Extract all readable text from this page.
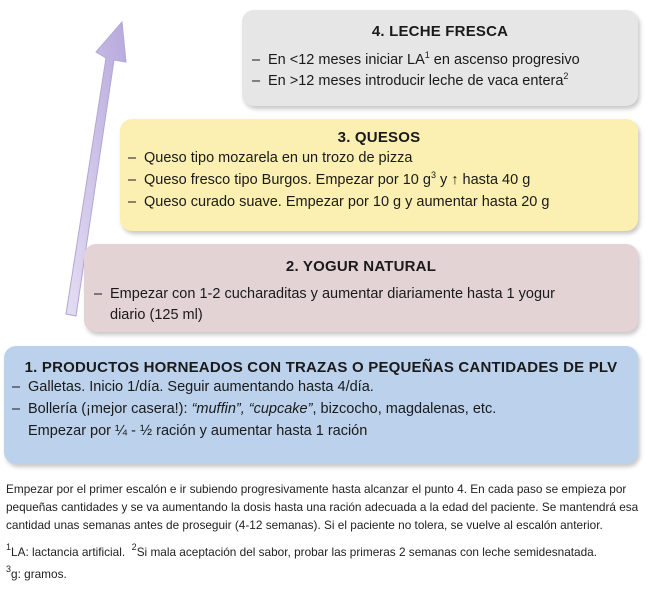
4. LECHE FRESCA
– En <12 meses iniciar $LA^1$ en ascenso progresivo
– En >12 meses introducir leche de vaca entera$^2$
3. QUESOS
– Queso tipo mozarela en un trozo de pizza
– Queso fresco tipo Burgos. Empezar por 10 $g^3$ y ↑ hasta 40 g
– Queso curado suave. Empezar por 10 g y aumentar hasta 20 g
2. YOGUR NATURAL
– Empezar con 1-2 cucharaditas y aumentar diariamente hasta 1 yogur
diario (125 ml)
1. PRODUCTOS HORNEADOS CON TRAZAS O PEQUEÑAS CANTIDADES DE PLV
– Galletas. Inicio 1/día. Seguir aumentando hasta 4/día.
– Bollería (¡mejor casera!): “muffin”, “cupcake”, bizcocho, magdalenas, etc.
Empezar por ¼ - ½ ración y aumentar hasta 1 ración
Empezar por el primer escalón e ir subiendo progresivamente hasta alcanzar el punto 4. En cada paso se empieza por pequeñas cantidades y se va aumentando la dosis hasta una ración adecuada a la edad del paciente. Se mantendrá esa cantidad unas semanas antes de proseguir (4-12 semanas). Si el paciente no tolera, se vuelve al escalón anterior.
$^1$LA: lactancia artificial. $^2$Si mala aceptación del sabor, probar las primeras 2 semanas con leche semidesnatada.
$^3$g: gramos.
